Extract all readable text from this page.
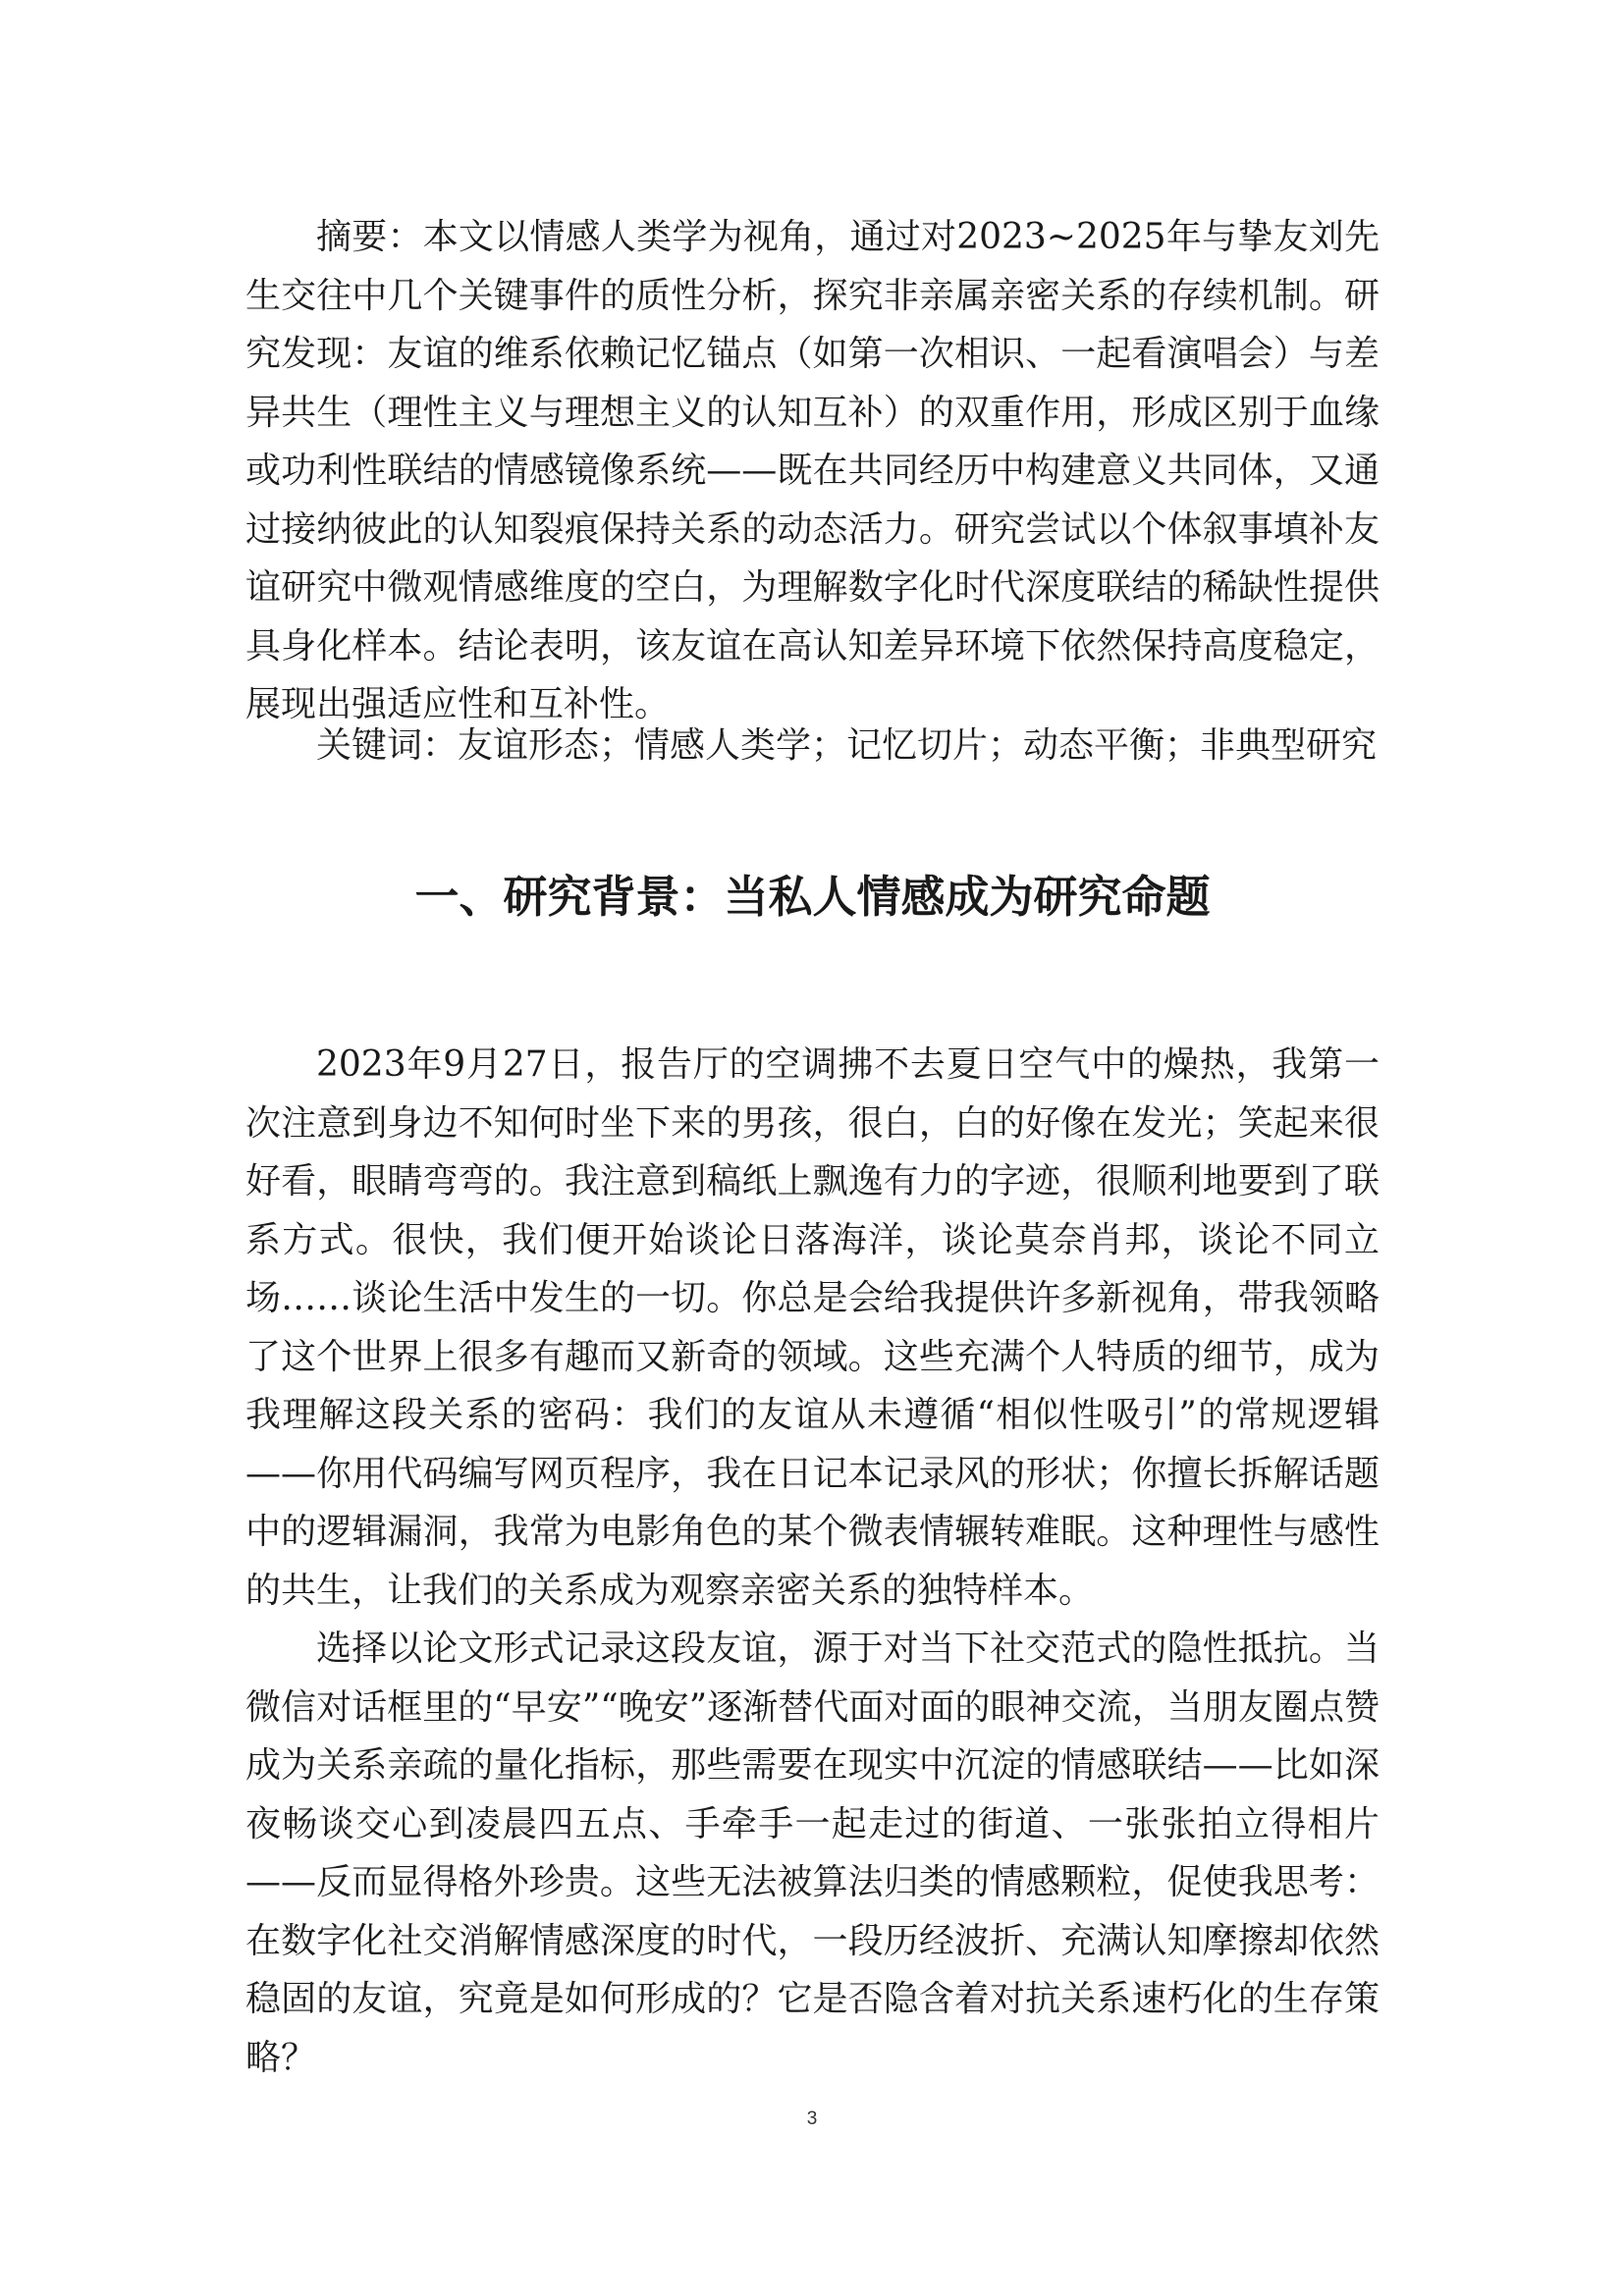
摘要：本文以情感人类学为视角，通过对2023~2025年与挚友刘先生交往中几个关键事件的质性分析，探究非亲属亲密关系的存续机制。研究发现：友谊的维系依赖记忆锚点（如第一次相识、一起看演唱会）与差异共生（理性主义与理想主义的认知互补）的双重作用，形成区别于血缘或功利性联结的情感镜像系统——既在共同经历中构建意义共同体，又通过接纳彼此的认知裂痕保持关系的动态活力。研究尝试以个体叙事填补友谊研究中微观情感维度的空白，为理解数字化时代深度联结的稀缺性提供具身化样本。结论表明，该友谊在高认知差异环境下依然保持高度稳定，展现出强适应性和互补性。

关键词：友谊形态；情感人类学；记忆切片；动态平衡；非典型研究

一、研究背景：当私人情感成为研究命题

2023年9月27日，报告厅的空调拂不去夏日空气中的燥热，我第一次注意到身边不知何时坐下来的男孩，很白，白的好像在发光；笑起来很好看，眼睛弯弯的。我注意到稿纸上飘逸有力的字迹，很顺利地要到了联系方式。很快，我们便开始谈论日落海洋，谈论莫奈肖邦，谈论不同立场……谈论生活中发生的一切。你总是会给我提供许多新视角，带我领略了这个世界上很多有趣而又新奇的领域。这些充满个人特质的细节，成为我理解这段关系的密码：我们的友谊从未遵循“相似性吸引”的常规逻辑——你用代码编写网页程序，我在日记本记录风的形状；你擅长拆解话题中的逻辑漏洞，我常为电影角色的某个微表情辗转难眠。这种理性与感性的共生，让我们的关系成为观察亲密关系的独特样本。

选择以论文形式记录这段友谊，源于对当下社交范式的隐性抵抗。当微信对话框里的“早安”“晚安”逐渐替代面对面的眼神交流，当朋友圈点赞成为关系亲疏的量化指标，那些需要在现实中沉淀的情感联结——比如深夜畅谈交心到凌晨四五点、手牵手一起走过的街道、一张张拍立得相片——反而显得格外珍贵。这些无法被算法归类的情感颗粒，促使我思考：在数字化社交消解情感深度的时代，一段历经波折、充满认知摩擦却依然稳固的友谊，究竟是如何形成的？它是否隐含着对抗关系速朽化的生存策略？

3
